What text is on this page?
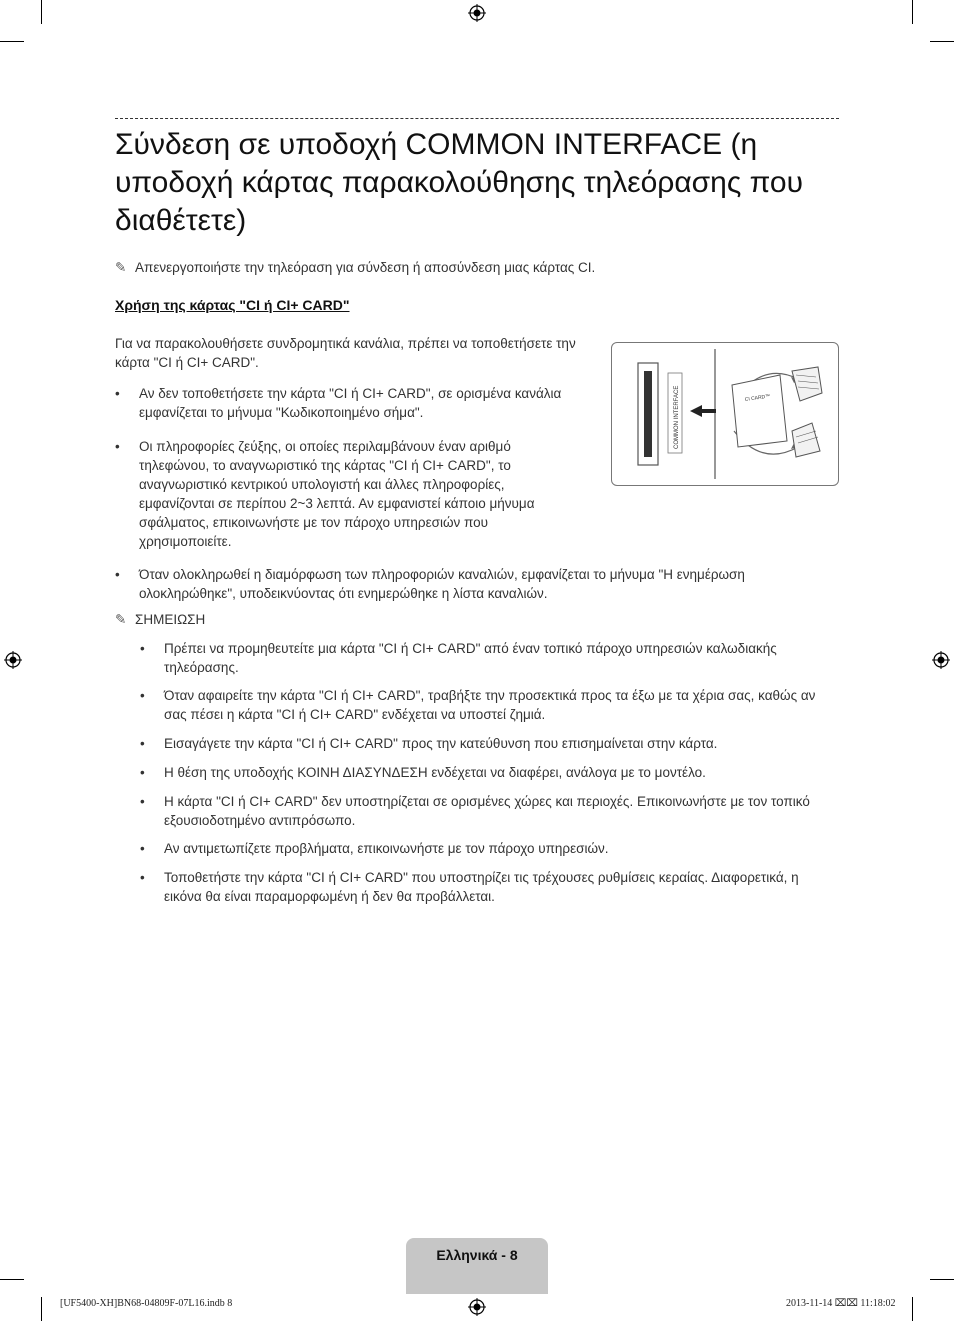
Σύνδεση σε υποδοχή COMMON INTERFACE (η υποδοχή κάρτας παρακολούθησης τηλεόρασης που διαθέτετε)
✎ Απενεργοποιήστε την τηλεόραση για σύνδεση ή αποσύνδεση μιας κάρτας CI.
Χρήση της κάρτας "CI ή CI+ CARD"
Για να παρακολουθήσετε συνδρομητικά κανάλια, πρέπει να τοποθετήσετε την κάρτα "CI ή CI+ CARD".
• Αν δεν τοποθετήσετε την κάρτα "CI ή CI+ CARD", σε ορισμένα κανάλια εμφανίζεται το μήνυμα "Κωδικοποιημένο σήμα".
• Οι πληροφορίες ζεύξης, οι οποίες περιλαμβάνουν έναν αριθμό τηλεφώνου, το αναγνωριστικό της κάρτας "CI ή CI+ CARD", το αναγνωριστικό κεντρικού υπολογιστή και άλλες πληροφορίες, εμφανίζονται σε περίπου 2~3 λεπτά. Αν εμφανιστεί κάποιο μήνυμα σφάλματος, επικοινωνήστε με τον πάροχο υπηρεσιών που χρησιμοποιείτε.
COMMON INTERFACE	CI CARD™
• Όταν ολοκληρωθεί η διαμόρφωση των πληροφοριών καναλιών, εμφανίζεται το μήνυμα "Η ενημέρωση ολοκληρώθηκε", υποδεικνύοντας ότι ενημερώθηκε η λίστα καναλιών.
✎ ΣΗΜΕΙΩΣΗ
• Πρέπει να προμηθευτείτε μια κάρτα "CI ή CI+ CARD" από έναν τοπικό πάροχο υπηρεσιών καλωδιακής τηλεόρασης.
• Όταν αφαιρείτε την κάρτα "CI ή CI+ CARD", τραβήξτε την προσεκτικά προς τα έξω με τα χέρια σας, καθώς αν σας πέσει η κάρτα "CI ή CI+ CARD" ενδέχεται να υποστεί ζημιά.
• Εισαγάγετε την κάρτα "CI ή CI+ CARD" προς την κατεύθυνση που επισημαίνεται στην κάρτα.
• Η θέση της υποδοχής ΚΟΙΝΗ ΔΙΑΣΥΝΔΕΣΗ ενδέχεται να διαφέρει, ανάλογα με το μοντέλο.
• Η κάρτα "CI ή CI+ CARD" δεν υποστηρίζεται σε ορισμένες χώρες και περιοχές. Επικοινωνήστε με τον τοπικό εξουσιοδοτημένο αντιπρόσωπο.
• Αν αντιμετωπίζετε προβλήματα, επικοινωνήστε με τον πάροχο υπηρεσιών.
• Τοποθετήστε την κάρτα "CI ή CI+ CARD" που υποστηρίζει τις τρέχουσες ρυθμίσεις κεραίας. Διαφορετικά, η εικόνα θα είναι παραμορφωμένη ή δεν θα προβάλλεται.
Ελληνικά - 8
[UF5400-XH]BN68-04809F-07L16.indb 8	2013-11-14 ⌧⌧ 11:18:02
